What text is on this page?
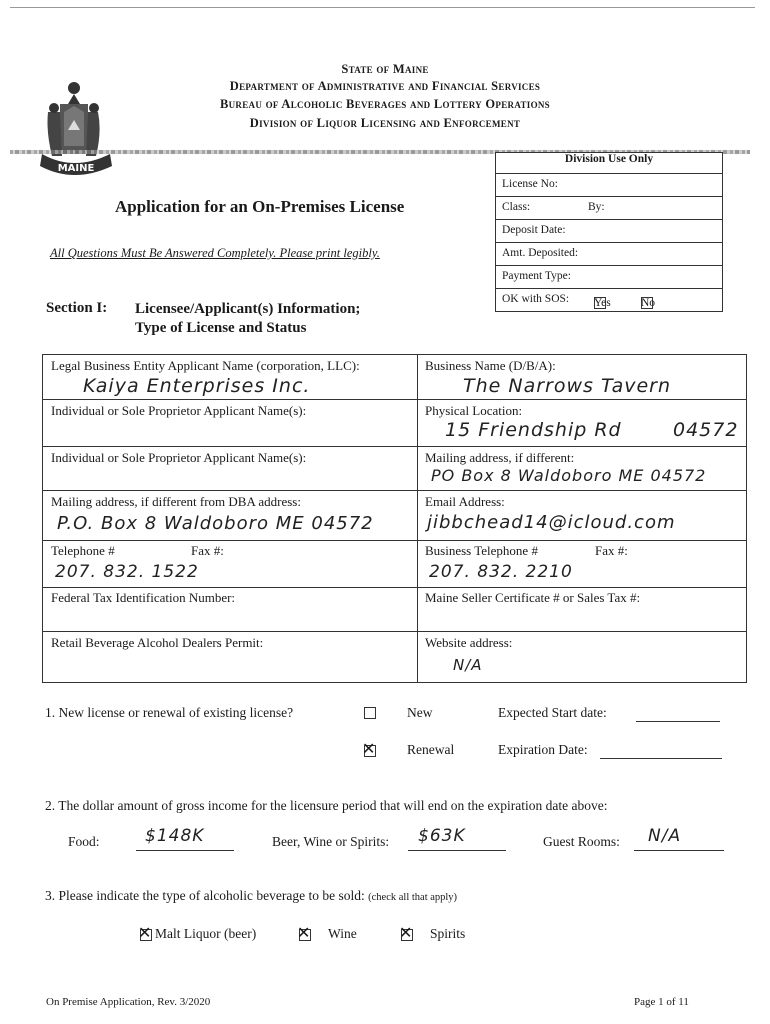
MAINE
State of Maine
Department of Administrative and Financial Services
Bureau of Alcoholic Beverages and Lottery Operations
Division of Liquor Licensing and Enforcement
Division Use Only
License No:
Class:	By:
Deposit Date:
Amt. Deposited:
Payment Type:
OK with SOS: Yes	No
Application for an On-Premises License
All Questions Must Be Answered Completely. Please print legibly.
Section I: Licensee/Applicant(s) Information;
Type of License and Status
Legal Business Entity Applicant Name (corporation, LLC):
Kaiya Enterprises Inc.
Business Name (D/B/A):
The Narrows Tavern
Individual or Sole Proprietor Applicant Name(s):	Physical Location:
15 Friendship Rd	04572
Individual or Sole Proprietor Applicant Name(s):	Mailing address, if different:
PO Box 8 Waldoboro ME 04572
Mailing address, if different from DBA address:
P.O. Box 8 Waldoboro ME 04572
Email Address:
jibbchead14@icloud.com
Telephone #	Fax #:
207. 832. 1522
Business Telephone #	Fax #:
207. 832. 2210
Federal Tax Identification Number:	Maine Seller Certificate # or Sales Tax #:
Retail Beverage Alcohol Dealers Permit:	Website address:
N/A
1. New license or renewal of existing license?	New	Expected Start date:
✕ Renewal	Expiration Date:
2. The dollar amount of gross income for the licensure period that will end on the expiration date above:
Food:	$148K	Beer, Wine or Spirits: $63K	Guest Rooms: N/A
3. Please indicate the type of alcoholic beverage to be sold: (check all that apply)
✕ Malt Liquor (beer)	✕ Wine	✕ Spirits
On Premise Application, Rev. 3/2020	Page 1 of 11
